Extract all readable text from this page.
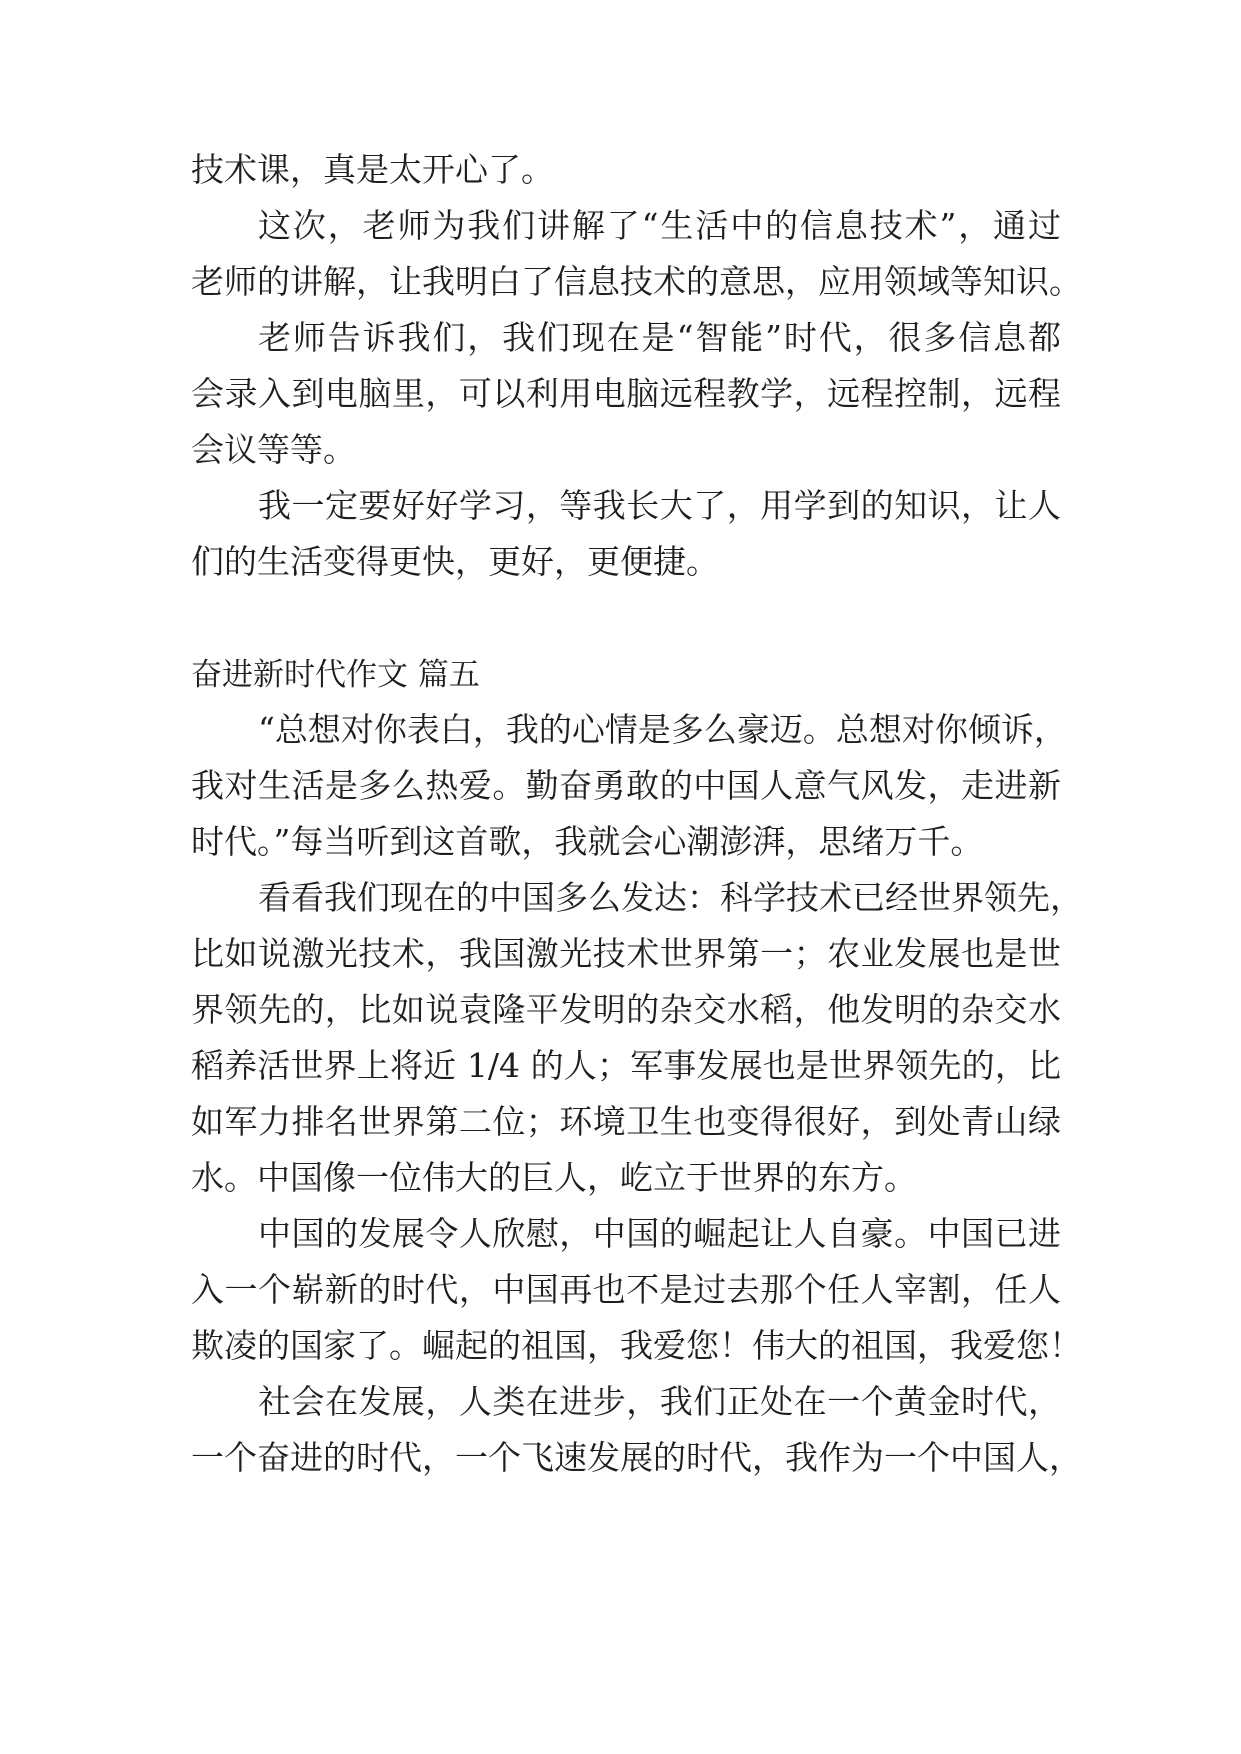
技术课，真是太开心了。
这次，老师为我们讲解了“生活中的信息技术”，通过
老师的讲解，让我明白了信息技术的意思，应用领域等知识。
老师告诉我们，我们现在是“智能”时代，很多信息都
会录入到电脑里，可以利用电脑远程教学，远程控制，远程
会议等等。
我一定要好好学习，等我长大了，用学到的知识，让人
们的生活变得更快，更好，更便捷。
奋进新时代作文 篇五
“总想对你表白，我的心情是多么豪迈。总想对你倾诉，
我对生活是多么热爱。勤奋勇敢的中国人意气风发，走进新
时代。”每当听到这首歌，我就会心潮澎湃，思绪万千。
看看我们现在的中国多么发达：科学技术已经世界领先，
比如说激光技术，我国激光技术世界第一；农业发展也是世
界领先的，比如说袁隆平发明的杂交水稻，他发明的杂交水
稻养活世界上将近 1/4 的人；军事发展也是世界领先的，比
如军力排名世界第二位；环境卫生也变得很好，到处青山绿
水。中国像一位伟大的巨人，屹立于世界的东方。
中国的发展令人欣慰，中国的崛起让人自豪。中国已进
入一个崭新的时代，中国再也不是过去那个任人宰割，任人
欺凌的国家了。崛起的祖国，我爱您！伟大的祖国，我爱您！
社会在发展，人类在进步，我们正处在一个黄金时代，
一个奋进的时代，一个飞速发展的时代，我作为一个中国人，
